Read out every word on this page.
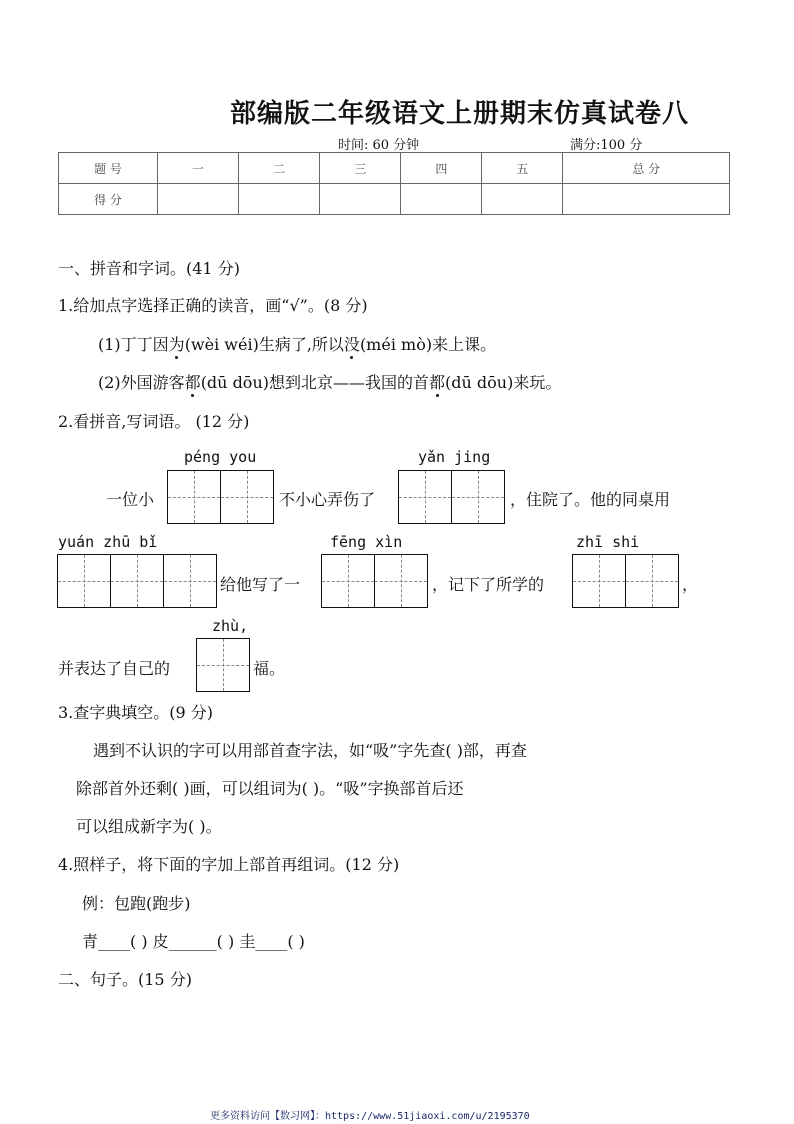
部编版二年级语文上册期末仿真试卷八
时间: 60 分钟	满分:100 分
题 号	一	二	三	四	五	总 分
得 分						
一、拼音和字词。(41 分)
1.给加点字选择正确的读音，画“√”。(8 分)
(1)丁丁因为(wèi wéi)生病了,所以没(méi mò)来上课。
(2)外国游客都(dū dōu)想到北京——我国的首都(dū dōu)来玩。
2.看拼音,写词语。 (12 分)
péng you	yǎn jing
一位小	不小心弄伤了	，住院了。他的同桌用
yuán zhū bǐ	fēng xìn	zhī shi
给他写了一	，记下了所学的	，
zhù,
并表达了自己的	福。
3.查字典填空。(9 分)
遇到不认识的字可以用部首查字法，如“吸”字先查( )部，再查
除部首外还剩( )画，可以组词为( )。“吸”字换部首后还
可以组成新字为( )。
4.照样子，将下面的字加上部首再组词。(12 分)
例：包跑(跑步)
青____( ) 皮______( ) 圭____( )
二、句子。(15 分)
更多资料访问【数习网】：https://www.51jiaoxi.com/u/2195370
